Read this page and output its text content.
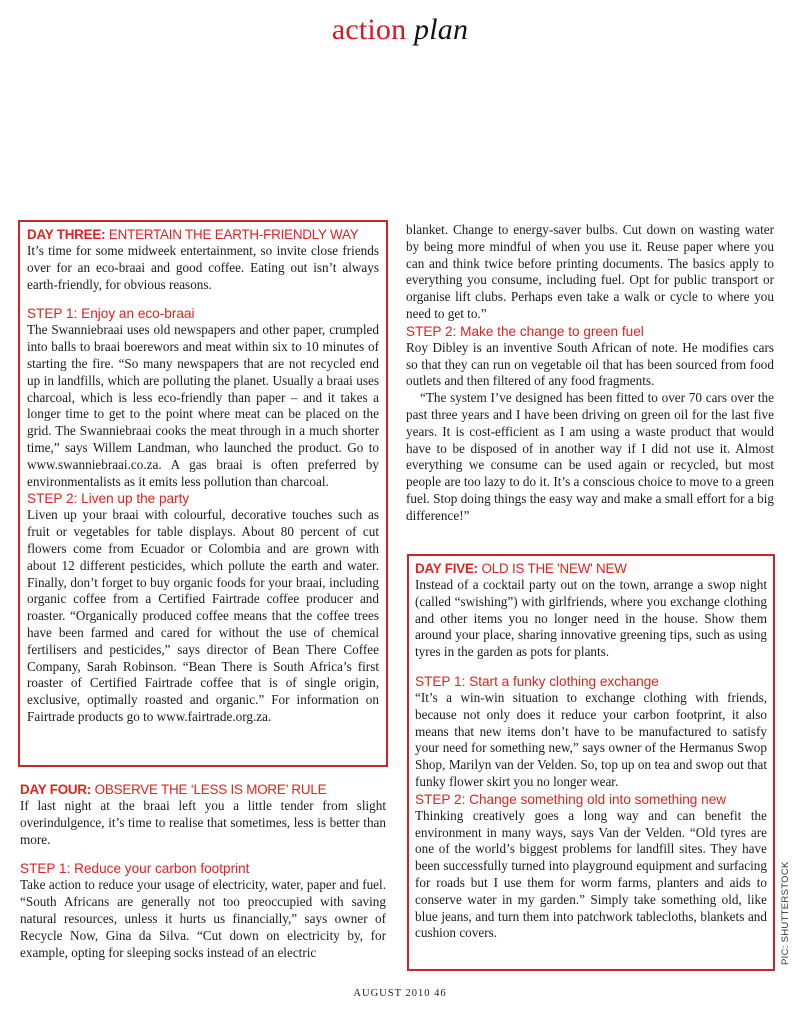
action plan
DAY THREE: ENTERTAIN THE EARTH-FRIENDLY WAY

It’s time for some midweek entertainment, so invite close friends over for an eco-braai and good coffee. Eating out isn’t always earth-friendly, for obvious reasons.

STEP 1: Enjoy an eco-braai

The Swanniebraai uses old newspapers and other paper, crumpled into balls to braai boerewors and meat within six to 10 minutes of starting the fire. “So many newspapers that are not recycled end up in landfills, which are polluting the planet. Usually a braai uses charcoal, which is less eco-friendly than paper – and it takes a longer time to get to the point where meat can be placed on the grid. The Swanniebraai cooks the meat through in a much shorter time,” says Willem Landman, who launched the product. Go to www.swanniebraai.co.za. A gas braai is often preferred by environmentalists as it emits less pollution than charcoal.

STEP 2: Liven up the party

Liven up your braai with colourful, decorative touches such as fruit or vegetables for table displays. About 80 percent of cut flowers come from Ecuador or Colombia and are grown with about 12 different pesticides, which pollute the earth and water. Finally, don’t forget to buy organic foods for your braai, including organic coffee from a Certified Fairtrade coffee producer and roaster. “Organically produced coffee means that the coffee trees have been farmed and cared for without the use of chemical fertilisers and pesticides,” says director of Bean There Coffee Company, Sarah Robinson. “Bean There is South Africa’s first roaster of Certified Fairtrade coffee that is of single origin, exclusive, optimally roasted and organic.” For information on Fairtrade products go to www.fairtrade.org.za.

DAY FOUR: OBSERVE THE ‘LESS IS MORE’ RULE

If last night at the braai left you a little tender from slight overindulgence, it’s time to realise that sometimes, less is better than more.

STEP 1: Reduce your carbon footprint

Take action to reduce your usage of electricity, water, paper and fuel. “South Africans are generally not too preoccupied with saving natural resources, unless it hurts us financially,” says owner of Recycle Now, Gina da Silva. “Cut down on electricity by, for example, opting for sleeping socks instead of an electric

blanket. Change to energy-saver bulbs. Cut down on wasting water by being more mindful of when you use it. Reuse paper where you can and think twice before printing documents. The basics apply to everything you consume, including fuel. Opt for public transport or organise lift clubs. Perhaps even take a walk or cycle to where you need to get to.”

STEP 2: Make the change to green fuel

Roy Dibley is an inventive South African of note. He modifies cars so that they can run on vegetable oil that has been sourced from food outlets and then filtered of any food fragments.

“The system I’ve designed has been fitted to over 70 cars over the past three years and I have been driving on green oil for the last five years. It is cost-efficient as I am using a waste product that would have to be disposed of in another way if I did not use it. Almost everything we consume can be used again or recycled, but most people are too lazy to do it. It’s a conscious choice to move to a green fuel. Stop doing things the easy way and make a small effort for a big difference!”

DAY FIVE: OLD IS THE 'NEW' NEW

Instead of a cocktail party out on the town, arrange a swop night (called “swishing”) with girlfriends, where you exchange clothing and other items you no longer need in the house. Show them around your place, sharing innovative greening tips, such as using tyres in the garden as pots for plants.

STEP 1: Start a funky clothing exchange

“It’s a win-win situation to exchange clothing with friends, because not only does it reduce your carbon footprint, it also means that new items don’t have to be manufactured to satisfy your need for something new,” says owner of the Hermanus Swop Shop, Marilyn van der Velden. So, top up on tea and swop out that funky flower skirt you no longer wear.

STEP 2: Change something old into something new

Thinking creatively goes a long way and can benefit the environment in many ways, says Van der Velden. “Old tyres are one of the world’s biggest problems for landfill sites. They have been successfully turned into playground equipment and surfacing for roads but I use them for worm farms, planters and aids to conserve water in my garden.” Simply take something old, like blue jeans, and turn them into patchwork tablecloths, blankets and cushion covers.	PIC: SHUTTERSTOCK
AUGUST 2010 46
